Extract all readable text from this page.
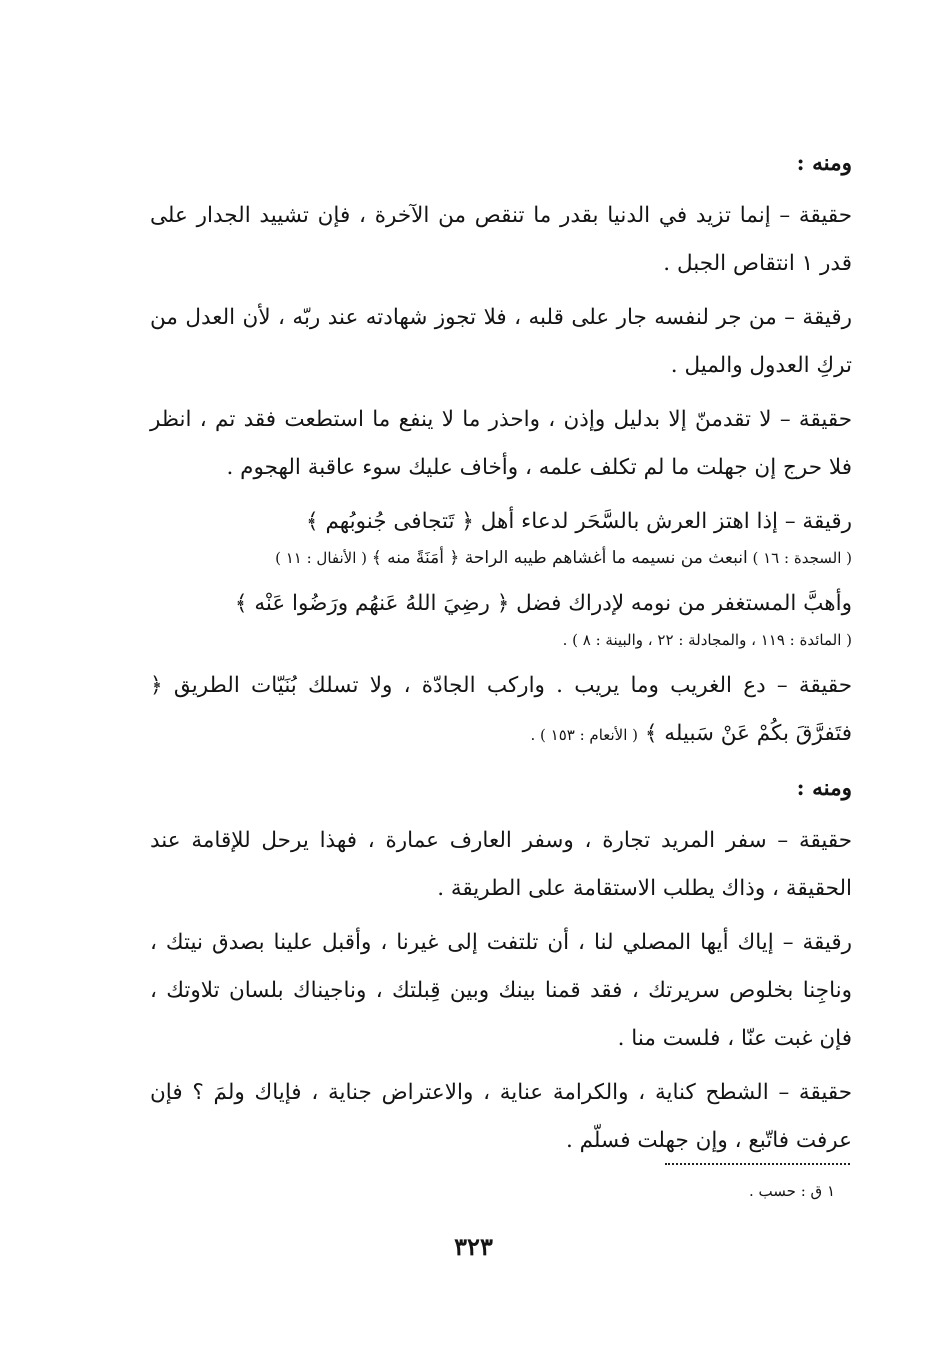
ومنه :

حقيقة – إنما تزيد في الدنيا بقدر ما تنقص من الآخرة ، فإن تشييد الجدار على قدر ١ انتقاص الجبل .

رقيقة – من جر لنفسه جار على قلبه ، فلا تجوز شهادته عند ربّه ، لأن العدل من تركِ العدول والميل .

حقيقة – لا تقدمنّ إلا بدليل وإذن ، واحذر ما لا ينفع ما استطعت فقد تم ، انظر فلا حرج إن جهلت ما لم تكلف علمه ، وأخاف عليك سوء عاقبة الهجوم .

رقيقة – إذا اهتز العرش بالسَّحَر لدعاء أهل ﴿ تَتجافى جُنوبُهم ﴾

( السجدة : ١٦ ) انبعث من نسيمه ما أغشاهم طيبه الراحة ﴿ أمَنَةً منه ﴾ ( الأنفال : ١١ )

وأهبَّ المستغفر من نومه لإدراك فضل ﴿ رضِيَ اللهُ عَنهُم ورَضُوا عَنْه ﴾

( المائدة : ١١٩ ، والمجادلة : ٢٢ ، والبينة : ٨ ) .

حقيقة – دع الغريب وما يريب . واركب الجادّة ، ولا تسلك بُنَيّات الطريق ﴿ فتَفرَّقَ بكُمْ عَنْ سَبيله ﴾ ( الأنعام : ١٥٣ ) .

ومنه :

حقيقة – سفر المريد تجارة ، وسفر العارف عمارة ، فهذا يرحل للإقامة عند الحقيقة ، وذاك يطلب الاستقامة على الطريقة .

رقيقة – إياك أيها المصلي لنا ، أن تلتفت إلى غيرنا ، وأقبل علينا بصدق نيتك ، وناجِنا بخلوص سريرتك ، فقد قمنا بينك وبين قِبلتك ، وناجيناك بلسان تلاوتك ، فإن غبت عنّا ، فلست منا .

حقيقة – الشطح كناية ، والكرامة عناية ، والاعتراض جناية ، فإياك ولمَ ؟ فإن عرفت فاتّبع ، وإن جهلت فسلّم .

١ ق : حسب .
٣٢٣
